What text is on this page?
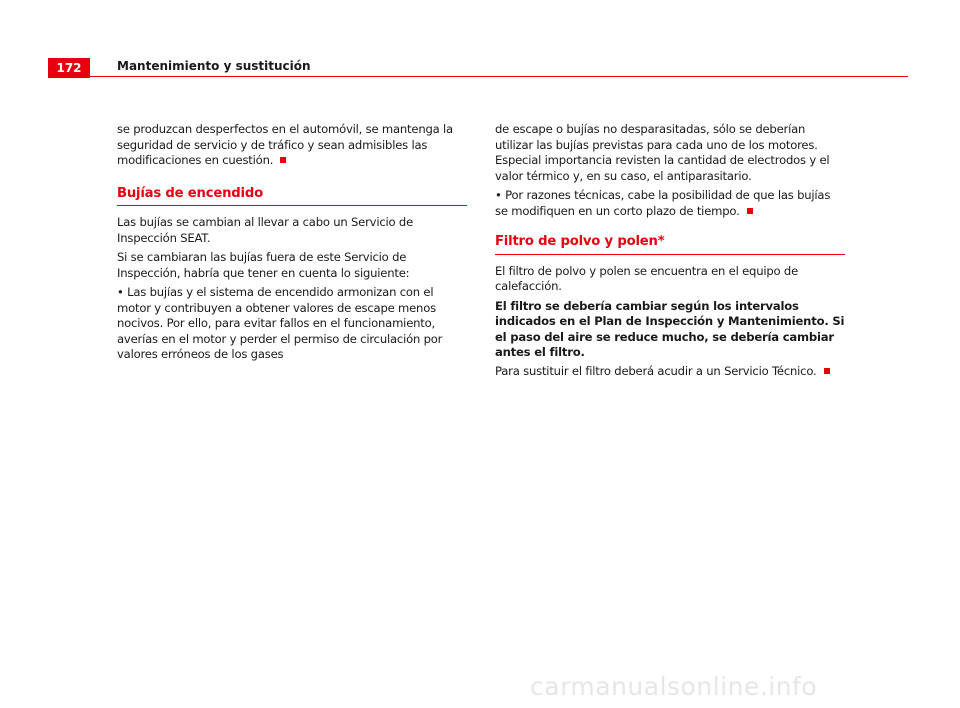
172	Mantenimiento y sustitución

se produzcan desperfectos en el automóvil, se mantenga la seguridad de servicio y de tráfico y sean admisibles las modificaciones en cuestión.

Bujías de encendido

Las bujías se cambian al llevar a cabo un Servicio de Inspección SEAT.

Si se cambiaran las bujías fuera de este Servicio de Inspección, habría que tener en cuenta lo siguiente:

• Las bujías y el sistema de encendido armonizan con el motor y contribuyen a obtener valores de escape menos nocivos. Por ello, para evitar fallos en el funcionamiento, averías en el motor y perder el permiso de circulación por valores erróneos de los gases

de escape o bujías no desparasitadas, sólo se deberían utilizar las bujías previstas para cada uno de los motores. Especial importancia revisten la cantidad de electrodos y el valor térmico y, en su caso, el antiparasitario.

• Por razones técnicas, cabe la posibilidad de que las bujías se modifiquen en un corto plazo de tiempo.

Filtro de polvo y polen*

El filtro de polvo y polen se encuentra en el equipo de calefacción.

El filtro se debería cambiar según los intervalos indicados en el Plan de Inspección y Mantenimiento. Si el paso del aire se reduce mucho, se debería cambiar antes el filtro.

Para sustituir el filtro deberá acudir a un Servicio Técnico.

carmanualsonline.info
